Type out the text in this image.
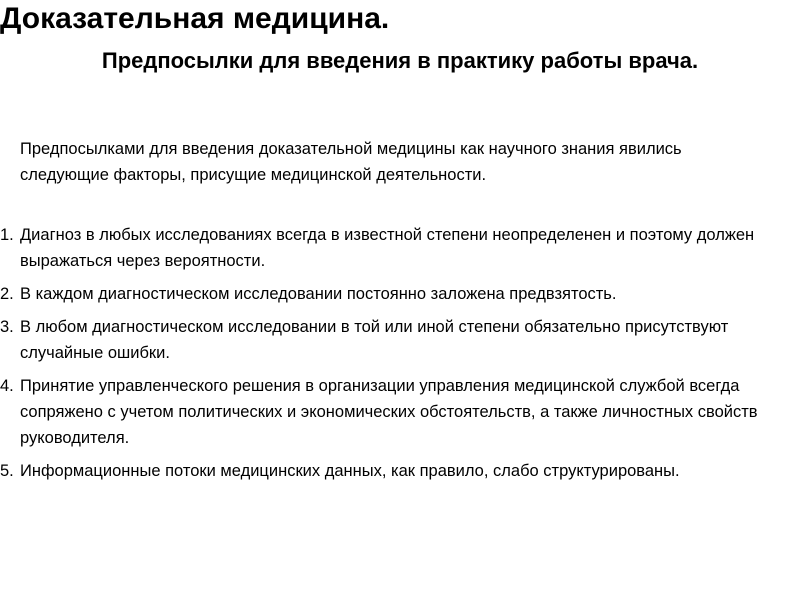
Доказательная медицина.
Предпосылки для введения в практику работы врача.
Предпосылками для введения доказательной медицины как научного знания явились следующие факторы, присущие медицинской деятельности.
1. Диагноз в любых исследованиях всегда в известной степени неопределенен и поэтому должен выражаться через вероятности.
2. В каждом диагностическом исследовании постоянно заложена предвзятость.
3. В любом диагностическом исследовании в той или иной степени обязательно присутствуют случайные ошибки.
4. Принятие управленческого решения в организации управления медицинской службой всегда сопряжено с учетом политических и экономических обстоятельств, а также личностных свойств руководителя.
5. Информационные потоки медицинских данных, как правило, слабо структурированы.
